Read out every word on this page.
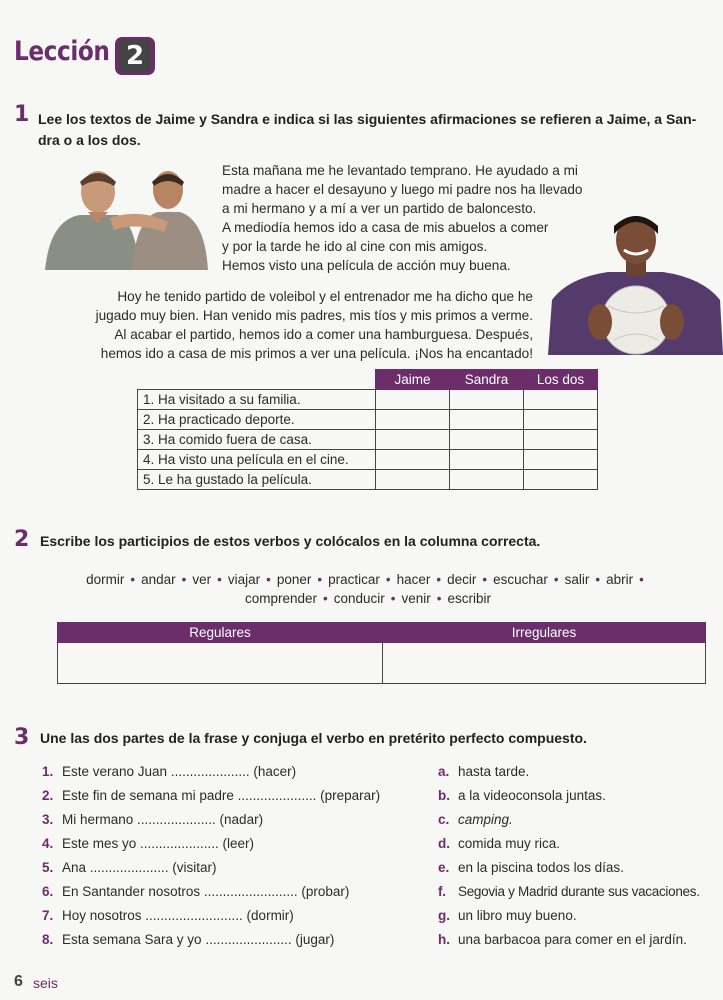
Lección 2
1 Lee los textos de Jaime y Sandra e indica si las siguientes afirmaciones se refieren a Jaime, a San-
dra o a los dos.
Esta mañana me he levantado temprano. He ayudado a mi
madre a hacer el desayuno y luego mi padre nos ha llevado
a mi hermano y a mí a ver un partido de baloncesto.
A mediodía hemos ido a casa de mis abuelos a comer
y por la tarde he ido al cine con mis amigos.
Hemos visto una película de acción muy buena.
Hoy he tenido partido de voleibol y el entrenador me ha dicho que he
jugado muy bien. Han venido mis padres, mis tíos y mis primos a verme.
Al acabar el partido, hemos ido a comer una hamburguesa. Después,
hemos ido a casa de mis primos a ver una película. ¡Nos ha encantado!
	Jaime	Sandra	Los dos
1. Ha visitado a su familia.			
2. Ha practicado deporte.			
3. Ha comido fuera de casa.			
4. Ha visto una película en el cine.			
5. Le ha gustado la película.			
2 Escribe los participios de estos verbos y colócalos en la columna correcta.
dormir • andar • ver • viajar • poner • practicar • hacer • decir • escuchar • salir • abrir •
comprender • conducir • venir • escribir
Regulares	Irregulares

3 Une las dos partes de la frase y conjuga el verbo en pretérito perfecto compuesto.
1. Este verano Juan ..................... (hacer)
2. Este fin de semana mi padre ..................... (preparar)
3. Mi hermano ..................... (nadar)
4. Este mes yo ..................... (leer)
5. Ana ..................... (visitar)
6. En Santander nosotros ......................... (probar)
7. Hoy nosotros .......................... (dormir)
8. Esta semana Sara y yo ....................... (jugar)
a. hasta tarde.
b. a la videoconsola juntas.
c. camping.
d. comida muy rica.
e. en la piscina todos los días.
f. Segovia y Madrid durante sus vacaciones.
g. un libro muy bueno.
h. una barbacoa para comer en el jardín.
6 seis
